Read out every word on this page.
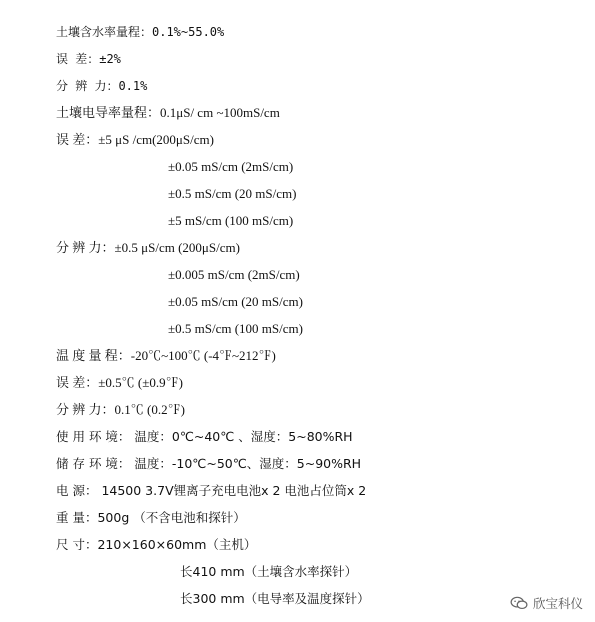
土壤含水率量程：0.1%~55.0%
误 差：±2%
分 辨 力：0.1%
土壤电导率量程：0.1μS/ cm ~100mS/cm
误 差：±5 μS /cm(200μS/cm)
±0.05 mS/cm (2mS/cm)
±0.5 mS/cm (20 mS/cm)
±5 mS/cm (100 mS/cm)
分 辨 力：±0.5 μS/cm (200μS/cm)
±0.005 mS/cm (2mS/cm)
±0.05 mS/cm (20 mS/cm)
±0.5 mS/cm (100 mS/cm)
温 度 量 程：-20℃~100℃ (-4℉~212℉)
误 差：±0.5℃ (±0.9℉)
分 辨 力：0.1℃ (0.2℉)
使 用 环 境： 温度：0℃~40℃ 、湿度：5~80%RH
储 存 环 境： 温度：-10℃~50℃、湿度：5~90%RH
电 源： 14500 3.7V锂离子充电电池x 2 电池占位筒x 2
重 量：500g （不含电池和探针）
尺 寸：210×160×60mm（主机）
长410 mm（土壤含水率探针）
长300 mm（电导率及温度探针）	欣宝科仪
